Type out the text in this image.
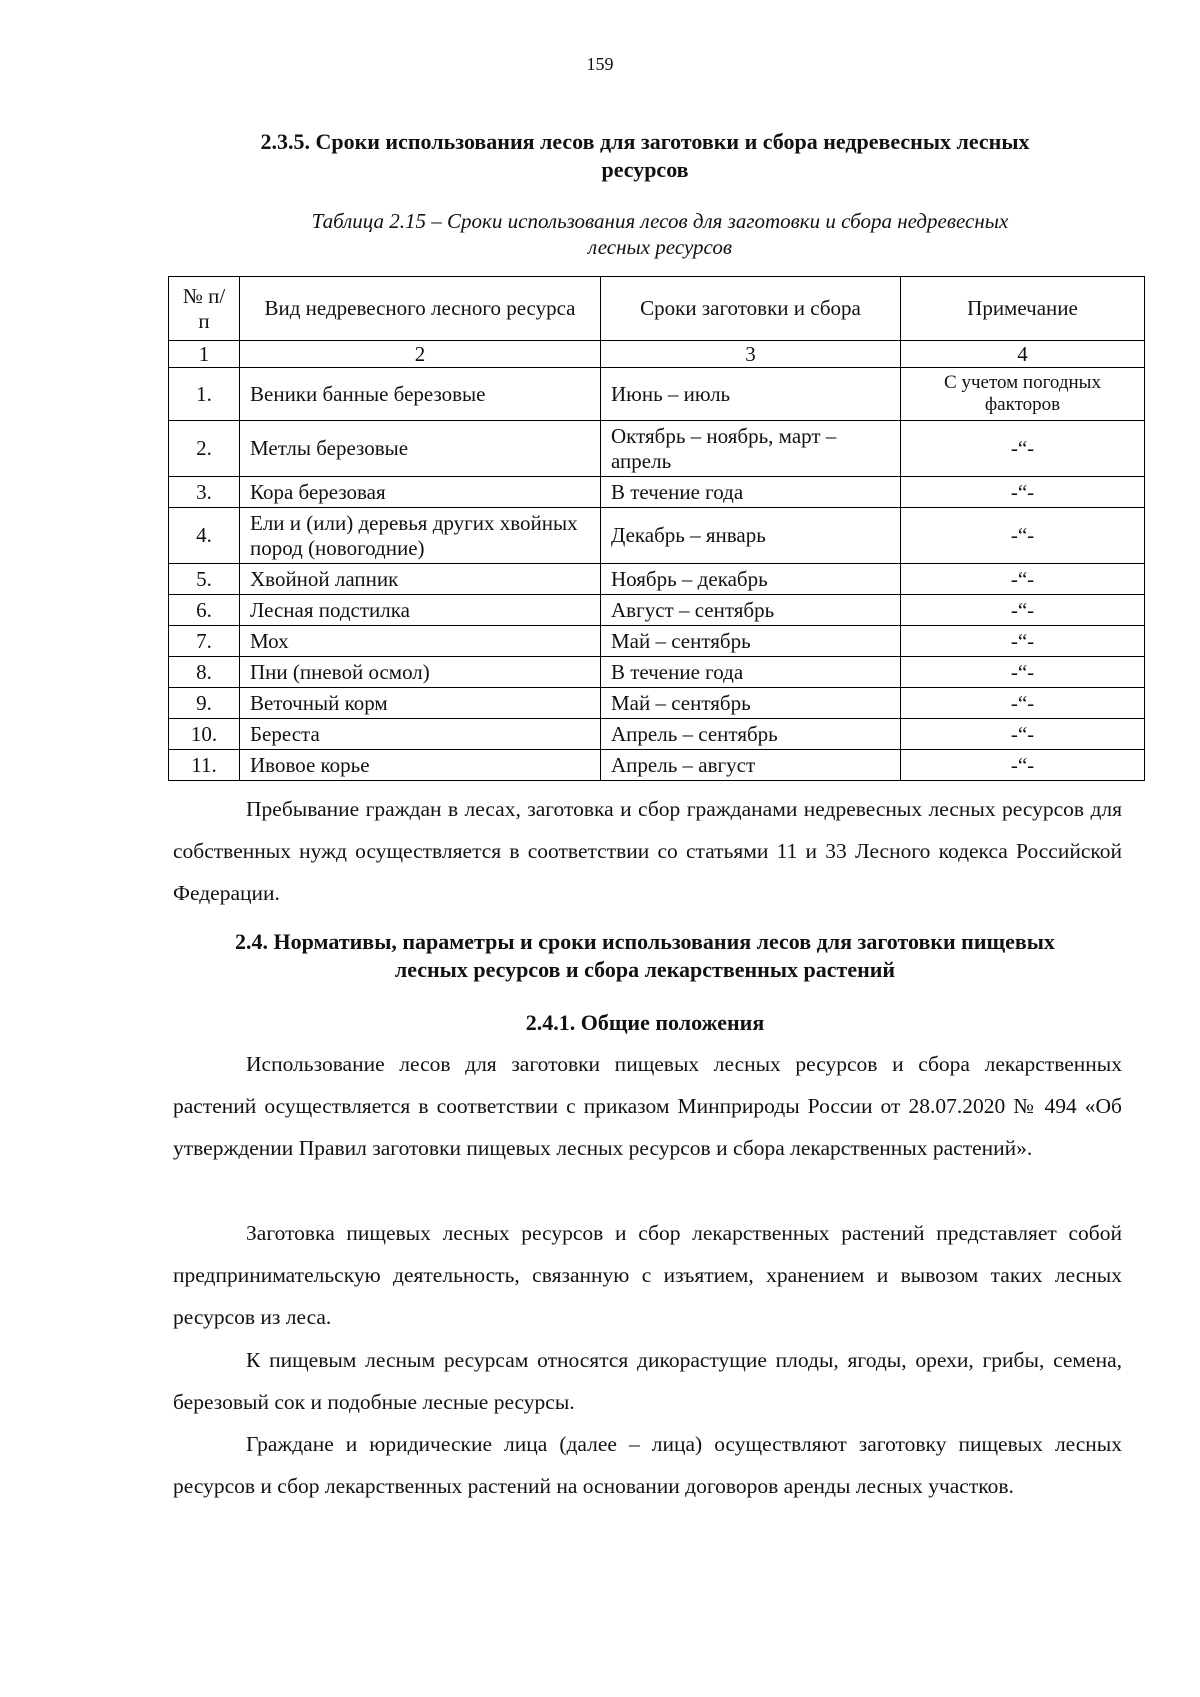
159
2.3.5. Сроки использования лесов для заготовки и сбора недревесных лесных
ресурсов
Таблица 2.15 – Сроки использования лесов для заготовки и сбора недревесных
лесных ресурсов
№ п/п	Вид недревесного лесного ресурса	Сроки заготовки и сбора	Примечание
1	2	3	4
1.	Веники банные березовые	Июнь – июль	С учетом погодных факторов
2.	Метлы березовые	Октябрь – ноябрь, март – апрель	-“-
3.	Кора березовая	В течение года	-“-
4.	Ели и (или) деревья других хвойных пород (новогодние)	Декабрь – январь	-“-
5.	Хвойной лапник	Ноябрь – декабрь	-“-
6.	Лесная подстилка	Август – сентябрь	-“-
7.	Мох	Май – сентябрь	-“-
8.	Пни (пневой осмол)	В течение года	-“-
9.	Веточный корм	Май – сентябрь	-“-
10.	Береста	Апрель – сентябрь	-“-
11.	Ивовое корье	Апрель – август	-“-

Пребывание граждан в лесах, заготовка и сбор гражданами недревесных лесных ресурсов для собственных нужд осуществляется в соответствии со статьями 11 и 33 Лесного кодекса Российской Федерации.

2.4. Нормативы, параметры и сроки использования лесов для заготовки пищевых
лесных ресурсов и сбора лекарственных растений
2.4.1. Общие положения

Использование лесов для заготовки пищевых лесных ресурсов и сбора лекарственных растений осуществляется в соответствии с приказом Минприроды России от 28.07.2020 № 494 «Об утверждении Правил заготовки пищевых лесных ресурсов и сбора лекарственных растений».

Заготовка пищевых лесных ресурсов и сбор лекарственных растений представляет собой предпринимательскую деятельность, связанную с изъятием, хранением и вывозом таких лесных ресурсов из леса.

К пищевым лесным ресурсам относятся дикорастущие плоды, ягоды, орехи, грибы, семена, березовый сок и подобные лесные ресурсы.

Граждане и юридические лица (далее – лица) осуществляют заготовку пищевых лесных ресурсов и сбор лекарственных растений на основании договоров аренды лесных участков.
